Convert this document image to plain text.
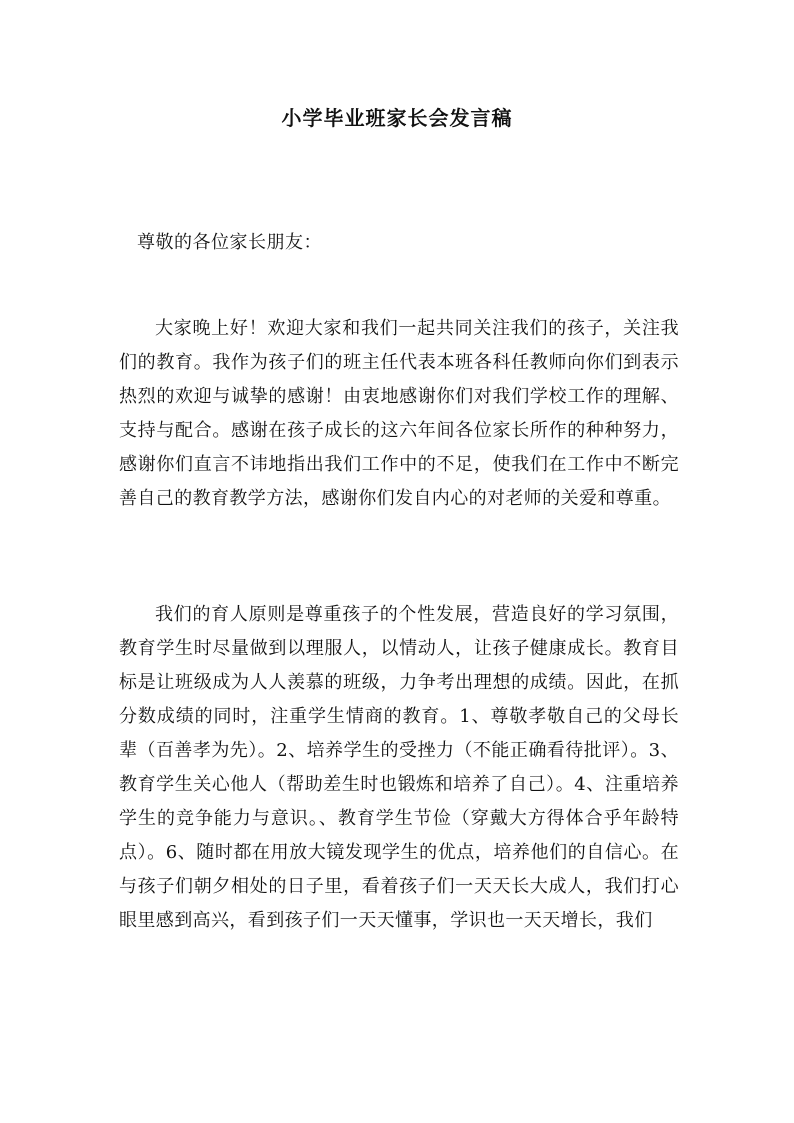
小学毕业班家长会发言稿
尊敬的各位家长朋友：

大家晚上好！欢迎大家和我们一起共同关注我们的孩子，关注我们的教育。我作为孩子们的班主任代表本班各科任教师向你们到表示热烈的欢迎与诚挚的感谢！由衷地感谢你们对我们学校工作的理解、支持与配合。感谢在孩子成长的这六年间各位家长所作的种种努力，感谢你们直言不讳地指出我们工作中的不足，使我们在工作中不断完善自己的教育教学方法，感谢你们发自内心的对老师的关爱和尊重。

我们的育人原则是尊重孩子的个性发展，营造良好的学习氛围，教育学生时尽量做到以理服人，以情动人，让孩子健康成长。教育目标是让班级成为人人羡慕的班级，力争考出理想的成绩。因此，在抓分数成绩的同时，注重学生情商的教育。1、尊敬孝敬自己的父母长辈（百善孝为先）。2、培养学生的受挫力（不能正确看待批评）。3、教育学生关心他人（帮助差生时也锻炼和培养了自己）。4、注重培养学生的竞争能力与意识。、教育学生节俭（穿戴大方得体合乎年龄特点）。6、随时都在用放大镜发现学生的优点，培养他们的自信心。在与孩子们朝夕相处的日子里，看着孩子们一天天长大成人，我们打心眼里感到高兴，看到孩子们一天天懂事，学识也一天天增长，我们
